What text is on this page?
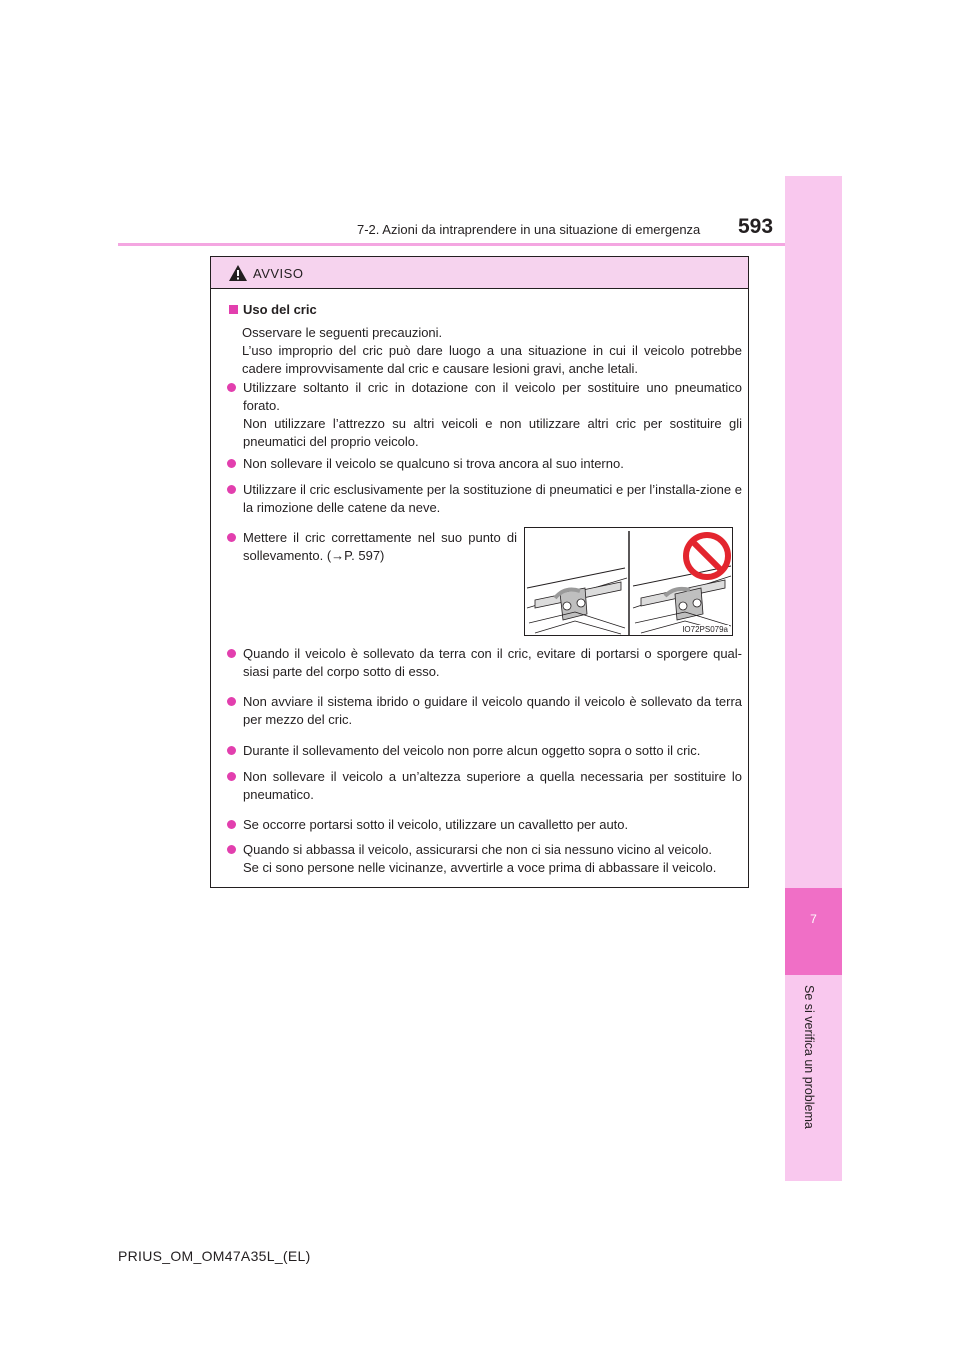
7
Se si verifica un problema
7-2. Azioni da intraprendere in una situazione di emergenza 593
AVVISO
Uso del cric
Osservare le seguenti precauzioni.
L’uso improprio del cric può dare luogo a una situazione in cui il veicolo potrebbe cadere improvvisamente dal cric e causare lesioni gravi, anche letali.

Utilizzare soltanto il cric in dotazione con il veicolo per sostituire uno pneumatico forato.

Non utilizzare l’attrezzo su altri veicoli e non utilizzare altri cric per sostituire gli pneumatici del proprio veicolo.

Non sollevare il veicolo se qualcuno si trova ancora al suo interno.

Utilizzare il cric esclusivamente per la sostituzione di pneumatici e per l’installa-zione e la rimozione delle catene da neve.

Mettere il cric correttamente nel suo punto di sollevamento. (→P. 597)

IO72PS079a

Quando il veicolo è sollevato da terra con il cric, evitare di portarsi o sporgere qual-siasi parte del corpo sotto di esso.

Non avviare il sistema ibrido o guidare il veicolo quando il veicolo è sollevato da terra per mezzo del cric.

Durante il sollevamento del veicolo non porre alcun oggetto sopra o sotto il cric.

Non sollevare il veicolo a un’altezza superiore a quella necessaria per sostituire lo pneumatico.

Se occorre portarsi sotto il veicolo, utilizzare un cavalletto per auto.

Quando si abbassa il veicolo, assicurarsi che non ci sia nessuno vicino al veicolo.

Se ci sono persone nelle vicinanze, avvertirle a voce prima di abbassare il veicolo.

PRIUS_OM_OM47A35L_(EL)
